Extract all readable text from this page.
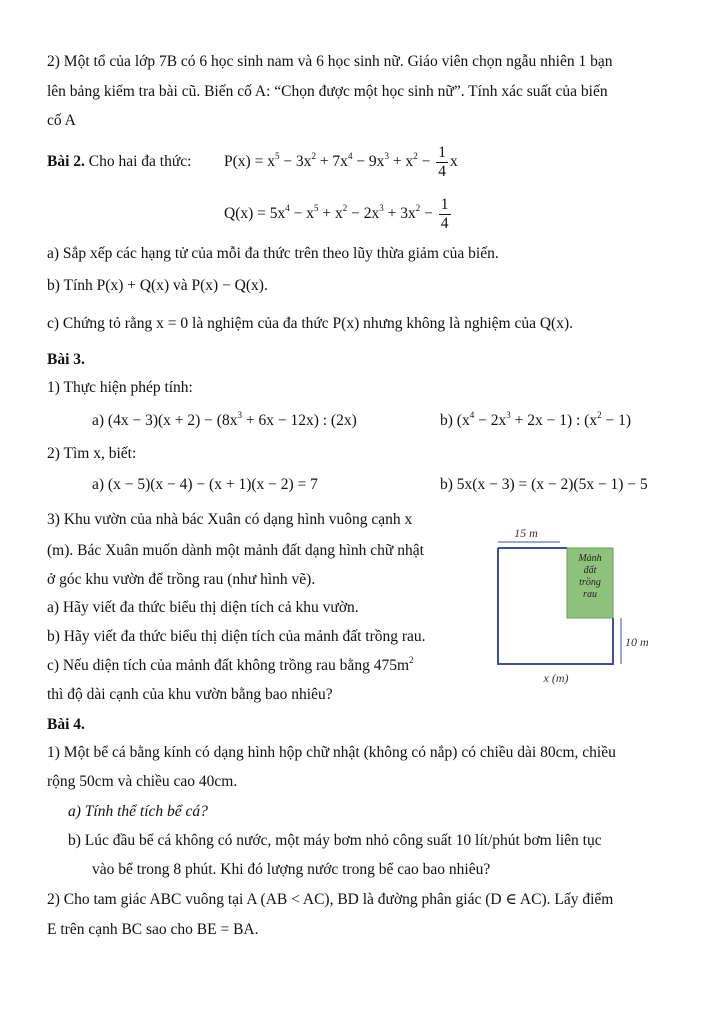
2) Một tổ của lớp 7B có 6 học sinh nam và 6 học sinh nữ. Giáo viên chọn ngẫu nhiên 1 bạn
lên bảng kiểm tra bài cũ. Biến cố A: “Chọn được một học sinh nữ”. Tính xác suất của biến
cố A
Bài 2. Cho hai đa thức: $P(x) = x^5 - 3x^2 + 7x^4 - 9x^3 + x^2 - \frac{1}{4}$ x
$Q(x) = 5x^4 - x^5 + x^2 - 2x^3 + 3x^2 - \frac{1}{4}$
a) Sắp xếp các hạng tử của mỗi đa thức trên theo lũy thừa giảm của biến.
b) Tính P(x) + Q(x) và P(x) − Q(x).
c) Chứng tỏ rằng x = 0 là nghiệm của đa thức P(x) nhưng không là nghiệm của Q(x).
Bài 3.
1) Thực hiện phép tính:
a) $(4x - 3)(x + 2) - (8x^3 + 6x - 12x)$ : (2x)	b) $(x^4 - 2x^3 + 2x - 1)$ : $(x^2 - 1)$
2) Tìm x, biết:
a) (x − 5)(x − 4) − (x + 1)(x − 2) = 7	b) 5x(x − 3) = (x − 2)(5x − 1) − 5
3) Khu vườn của nhà bác Xuân có dạng hình vuông cạnh x
(m). Bác Xuân muốn dành một mảnh đất dạng hình chữ nhật
ở góc khu vườn để trồng rau (như hình vẽ).
a) Hãy viết đa thức biểu thị diện tích cả khu vườn.
b) Hãy viết đa thức biểu thị diện tích của mảnh đất trồng rau.
c) Nếu diện tích của mảnh đất không trồng rau bằng $475m^2$
thì độ dài cạnh của khu vườn bằng bao nhiêu?
15 m
Mảnh
đất
trồng
rau
10 m
x (m)
Bài 4.
1) Một bể cá bằng kính có dạng hình hộp chữ nhật (không có nắp) có chiều dài 80cm, chiều
rộng 50cm và chiều cao 40cm.
a) Tính thể tích bể cá?
b) Lúc đầu bể cá không có nước, một máy bơm nhỏ công suất 10 lít/phút bơm liên tục
vào bể trong 8 phút. Khi đó lượng nước trong bể cao bao nhiêu?
2) Cho tam giác ABC vuông tại A (AB < AC), BD là đường phân giác (D ∈ AC). Lấy điểm
E trên cạnh BC sao cho BE = BA.
